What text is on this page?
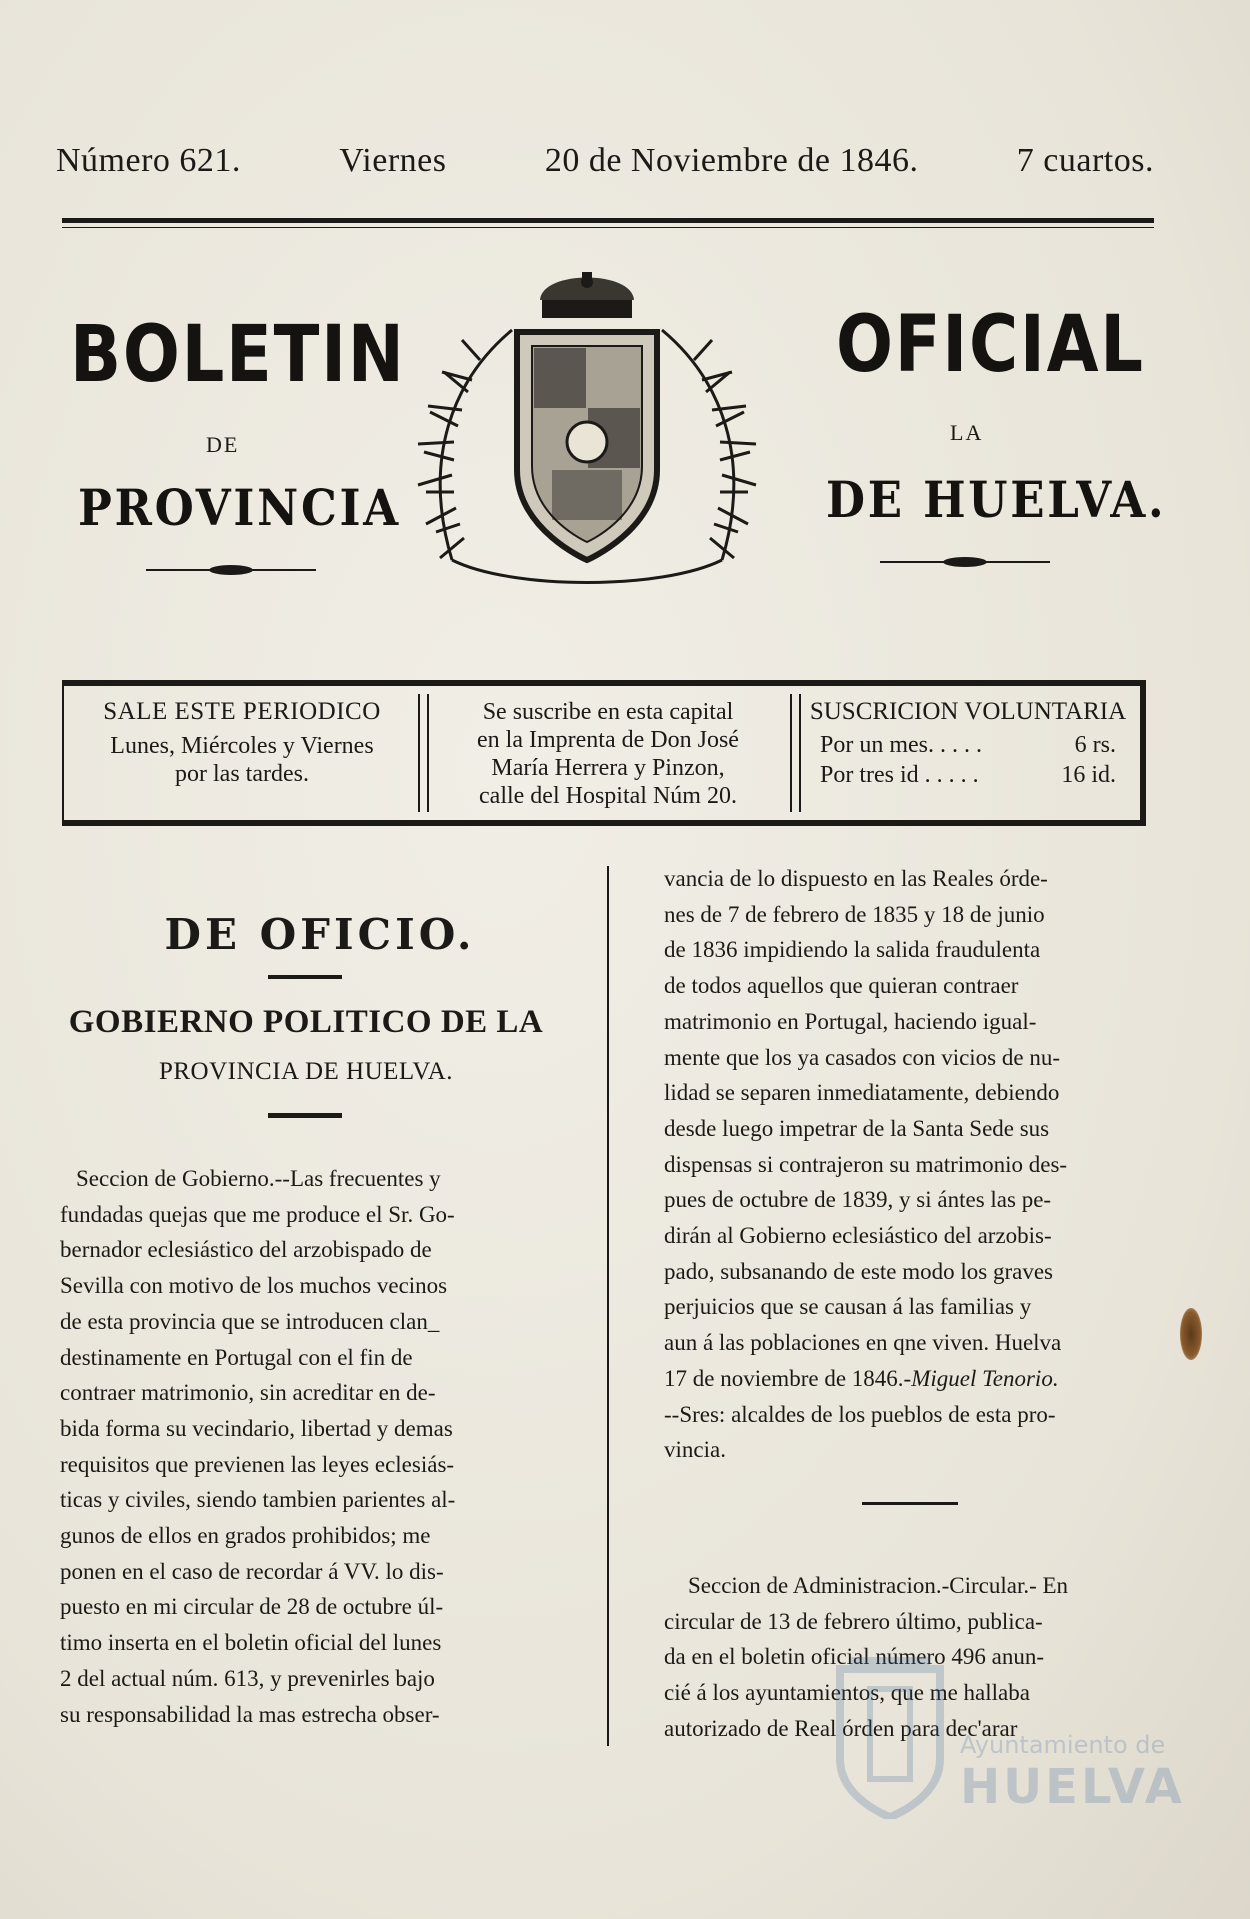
Número 621.	Viernes	20 de Noviembre de 1846.	7 cuartos.
BOLETIN	OFICIAL
DE	LA
PROVINCIA	DE HUELVA.
SALE ESTE PERIODICO
Lunes, Miércoles y Viernes
por las tardes.
Se suscribe en esta capital
en la Imprenta de Don José
María Herrera y Pinzon,
calle del Hospital Núm 20.
SUSCRICION VOLUNTARIA
Por un mes. . . . .	6 rs.
Por tres id . . . . .	16 id.
DE OFICIO.
GOBIERNO POLITICO DE LA
PROVINCIA DE HUELVA.
Seccion de Gobierno.--Las frecuentes y
fundadas quejas que me produce el Sr. Go-
bernador eclesiástico del arzobispado de
Sevilla con motivo de los muchos vecinos
de esta provincia que se introducen clan_
destinamente en Portugal con el fin de
contraer matrimonio, sin acreditar en de-
bida forma su vecindario, libertad y demas
requisitos que previenen las leyes eclesiás-
ticas y civiles, siendo tambien parientes al-
gunos de ellos en grados prohibidos; me
ponen en el caso de recordar á VV. lo dis-
puesto en mi circular de 28 de octubre úl-
timo inserta en el boletin oficial del lunes
2 del actual núm. 613, y prevenirles bajo
su responsabilidad la mas estrecha obser-
vancia de lo dispuesto en las Reales órde-
nes de 7 de febrero de 1835 y 18 de junio
de 1836 impidiendo la salida fraudulenta
de todos aquellos que quieran contraer
matrimonio en Portugal, haciendo igual-
mente que los ya casados con vicios de nu-
lidad se separen inmediatamente, debiendo
desde luego impetrar de la Santa Sede sus
dispensas si contrajeron su matrimonio des-
pues de octubre de 1839, y si ántes las pe-
dirán al Gobierno eclesiástico del arzobis-
pado, subsanando de este modo los graves
perjuicios que se causan á las familias y
aun á las poblaciones en qne viven. Huelva
17 de noviembre de 1846.-Miguel Tenorio.
--Sres: alcaldes de los pueblos de esta pro-
vincia.
Seccion de Administracion.-Circular.- En
circular de 13 de febrero último, publica-
da en el boletin oficial número 496 anun-
cié á los ayuntamientos, que me hallaba
autorizado de Real órden para dec'arar
Ayuntamiento de
HUELVA
